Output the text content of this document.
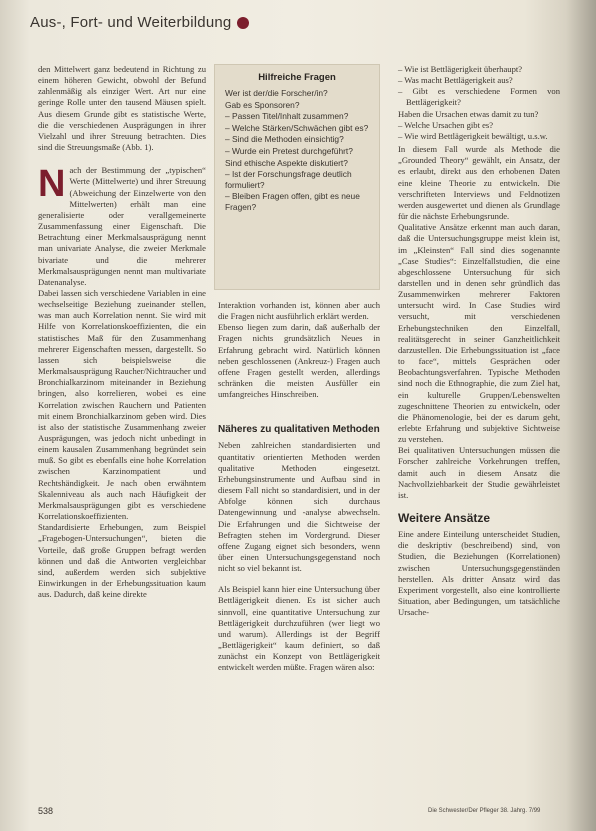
Aus-, Fort- und Weiterbildung

den Mittelwert ganz bedeutend in Richtung zu einem höheren Gewicht, obwohl der Befund zahlenmäßig als einziger Wert. Art nur eine geringe Rolle unter den tausend Mäusen spielt. Aus diesem Grunde gibt es statistische Werte, die die verschiedenen Ausprägungen in ihrer Vielzahl und ihrer Streuung betrachten. Dies sind die Streuungsmaße (Abb. 1).

Nach der Bestimmung der „typischen“ Werte (Mittelwerte) und ihrer Streuung (Abweichung der Einzelwerte von den Mittelwerten) erhält man eine generalisierte oder verallgemeinerte Zusammenfassung einer Eigenschaft. Die Betrachtung einer Merkmalsausprägung nennt man univariate Analyse, die zweier Merkmale bivariate und die mehrerer Merkmalsausprägungen nennt man multivariate Datenanalyse.

Dabei lassen sich verschiedene Variablen in eine wechselseitige Beziehung zueinander stellen, was man auch Korrelation nennt. Sie wird mit Hilfe von Korrelationskoeffizienten, die ein statistisches Maß für den Zusammenhang mehrerer Eigenschaften messen, dargestellt. So lassen sich beispielsweise die Merkmalsausprägung Raucher/Nichtraucher und Bronchialkarzinom miteinander in Beziehung bringen, also korrelieren, wobei es eine Korrelation zwischen Rauchern und Patienten mit einem Bronchialkarzinom geben wird. Dies ist also der statistische Zusammenhang zweier Ausprägungen, was jedoch nicht unbedingt in einem kausalen Zusammenhang begründet sein muß. So gibt es ebenfalls eine hohe Korrelation zwischen Karzinompatient und Rechtshändigkeit. Je nach oben erwähntem Skalenniveau als auch nach Häufigkeit der Merkmalsausprägungen gibt es verschiedene Korrelationskoeffizienten.

Standardisierte Erhebungen, zum Beispiel „Fragebogen-Untersuchungen“, bieten die Vorteile, daß große Gruppen befragt werden können und daß die Antworten vergleichbar sind, außerdem werden sich subjektive Einwirkungen in der Erhebungssituation kaum aus. Dadurch, daß keine direkte

Hilfreiche Fragen
Wer ist der/die Forscher/in?
Gab es Sponsoren?
– Passen Titel/Inhalt zusammen?
– Welche Stärken/Schwächen gibt es?
– Sind die Methoden einsichtig?
– Wurde ein Pretest durchgeführt?
Sind ethische Aspekte diskutiert?
– Ist der Forschungsfrage deutlich formuliert?
– Bleiben Fragen offen, gibt es neue Fragen?

Interaktion vorhanden ist, können aber auch die Fragen nicht ausführlich erklärt werden.

Ebenso liegen zum darin, daß außerhalb der Fragen nichts grundsätzlich Neues in Erfahrung gebracht wird. Natürlich können neben geschlossenen (Ankreuz-) Fragen auch offene Fragen gestellt werden, allerdings schränken die meisten Ausfüller ein umfangreiches Hinschreiben.

Näheres zu qualitativen Methoden

Neben zahlreichen standardisierten und quantitativ orientierten Methoden werden qualitative Methoden eingesetzt. Erhebungsinstrumente und Aufbau sind in diesem Fall nicht so standardisiert, und in der Abfolge können sich durchaus Datengewinnung und -analyse abwechseln. Die Erfahrungen und die Sichtweise der Befragten stehen im Vordergrund. Dieser offene Zugang eignet sich besonders, wenn über einen Untersuchungsgegenstand noch nicht so viel bekannt ist.

Als Beispiel kann hier eine Untersuchung über Bettlägerigkeit dienen. Es ist sicher auch sinnvoll, eine quantitative Untersuchung zur Bettlägerigkeit durchzuführen (wer liegt wo und warum). Allerdings ist der Begriff „Bettlägerigkeit“ kaum definiert, so daß zunächst ein Konzept von Bettlägerigkeit entwickelt werden müßte. Fragen wären also:

– Wie ist Bettlägerigkeit überhaupt?
– Was macht Bettlägerigkeit aus?
– Gibt es verschiedene Formen von Bettlägerigkeit?
Haben die Ursachen etwas damit zu tun?
– Welche Ursachen gibt es?
– Wie wird Bettlägerigkeit bewältigt, u.s.w.

In diesem Fall wurde als Methode die „Grounded Theory“ gewählt, ein Ansatz, der es erlaubt, direkt aus den erhobenen Daten eine kleine Theorie zu entwickeln. Die verschrifteten Interviews und Feldnotizen werden ausgewertet und dienen als Grundlage für die nächste Erhebungsrunde.

Qualitative Ansätze erkennt man auch daran, daß die Untersuchungsgruppe meist klein ist, im „Kleinsten“ Fall sind dies sogenannte „Case Studies“: Einzelfallstudien, die eine abgeschlossene Untersuchung für sich darstellen und in denen sehr gründlich das Zusammenwirken mehrerer Faktoren untersucht wird. In Case Studies wird versucht, mit verschiedenen Erhebungstechniken den Einzelfall, realitätsgerecht in seiner Ganzheitlichkeit darzustellen. Die Erhebungssituation ist „face to face“, mittels Gesprächen oder Beobachtungsverfahren. Typische Methoden sind noch die Ethnographie, die zum Ziel hat, ein kulturelle Gruppen/Lebenswelten zugeschnittene Theorien zu entwickeln, oder die Phänomenologie, bei der es darum geht, erlebte Erfahrung und subjektive Sichtweise zu verstehen.

Bei qualitativen Untersuchungen müssen die Forscher zahlreiche Vorkehrungen treffen, damit auch in diesem Ansatz die Nachvollziehbarkeit der Studie gewährleistet ist.

Weitere Ansätze

Eine andere Einteilung unterscheidet Studien, die deskriptiv (beschreibend) sind, von Studien, die Beziehungen (Korrelationen) zwischen Untersuchungsgegenständen herstellen. Als dritter Ansatz wird das Experiment vorgestellt, also eine kontrollierte Situation, aber Bedingungen, um tatsächliche Ursache-

538	Die Schwester/Der Pfleger 38. Jahrg. 7/99
